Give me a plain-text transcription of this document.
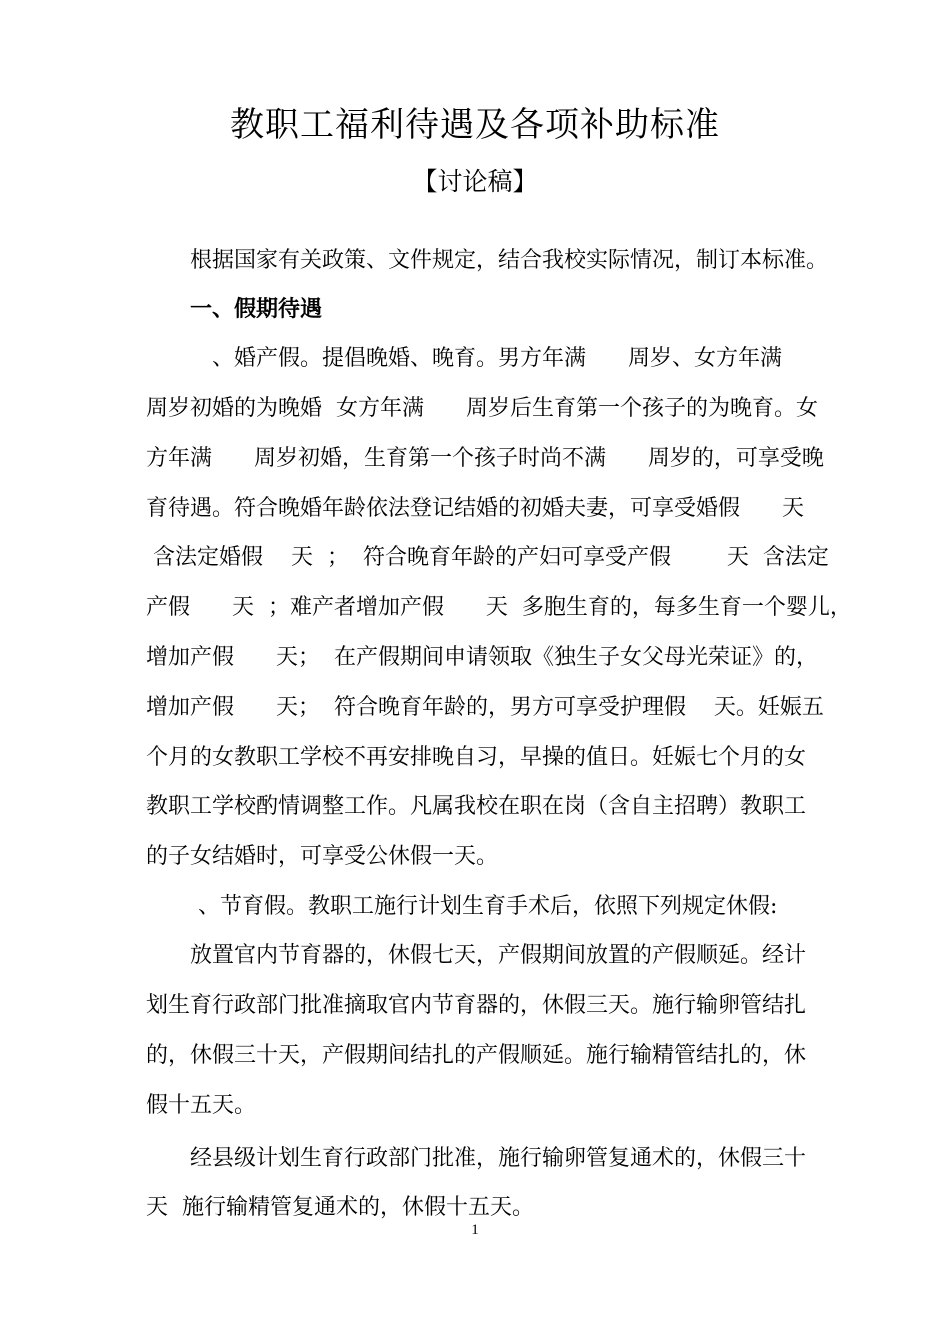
教职工福利待遇及各项补助标准
【讨论稿】
根据国家有关政策、文件规定，结合我校实际情况，制订本标准。
一、假期待遇
、婚产假。提倡晚婚、晚育。男方年满      周岁、女方年满
周岁初婚的为晚婚  女方年满      周岁后生育第一个孩子的为晚育。女
方年满      周岁初婚，生育第一个孩子时尚不满      周岁的，可享受晚
育待遇。符合晚婚年龄依法登记结婚的初婚夫妻，可享受婚假      天
含法定婚假    天  ；  符合晚育年龄的产妇可享受产假        天  含法定
产假      天  ；难产者增加产假      天  多胞生育的，每多生育一个婴儿，
增加产假      天；  在产假期间申请领取《独生子女父母光荣证》的，
增加产假      天；  符合晚育年龄的，男方可享受护理假    天。妊娠五
个月的女教职工学校不再安排晚自习，早操的值日。妊娠七个月的女
教职工学校酌情调整工作。凡属我校在职在岗（含自主招聘）教职工
的子女结婚时，可享受公休假一天。
、节育假。教职工施行计划生育手术后，依照下列规定休假:
放置官内节育器的，休假七天，产假期间放置的产假顺延。经计
划生育行政部门批准摘取官内节育器的，休假三天。施行输卵管结扎
的，休假三十天，产假期间结扎的产假顺延。施行输精管结扎的，休
假十五天。
经县级计划生育行政部门批准，施行输卵管复通术的，休假三十
天  施行输精管复通术的，休假十五天。
1
